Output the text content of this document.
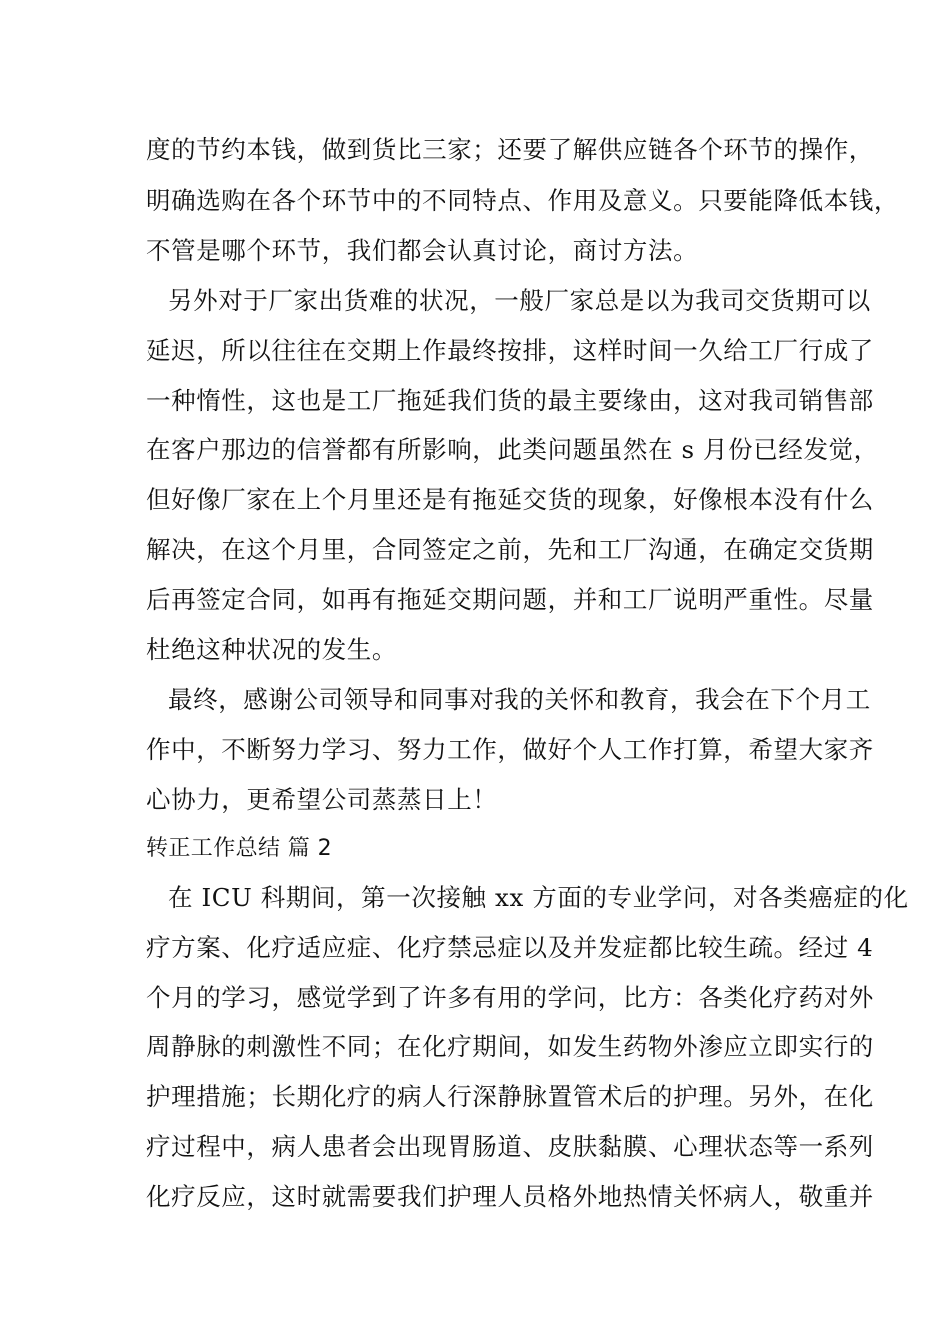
度的节约本钱，做到货比三家；还要了解供应链各个环节的操作，
明确选购在各个环节中的不同特点、作用及意义。只要能降低本钱，
不管是哪个环节，我们都会认真讨论，商讨方法。
另外对于厂家出货难的状况，一般厂家总是以为我司交货期可以
延迟，所以往往在交期上作最终按排，这样时间一久给工厂行成了
一种惰性，这也是工厂拖延我们货的最主要缘由，这对我司销售部
在客户那边的信誉都有所影响，此类问题虽然在 s 月份已经发觉，
但好像厂家在上个月里还是有拖延交货的现象，好像根本没有什么
解决，在这个月里，合同签定之前，先和工厂沟通，在确定交货期
后再签定合同，如再有拖延交期问题，并和工厂说明严重性。尽量
杜绝这种状况的发生。
最终，感谢公司领导和同事对我的关怀和教育，我会在下个月工
作中，不断努力学习、努力工作，做好个人工作打算，希望大家齐
心协力，更希望公司蒸蒸日上！
转正工作总结 篇 2
在 ICU 科期间，第一次接触 xx 方面的专业学问，对各类癌症的化
疗方案、化疗适应症、化疗禁忌症以及并发症都比较生疏。经过 4
个月的学习，感觉学到了许多有用的学问，比方：各类化疗药对外
周静脉的刺激性不同；在化疗期间，如发生药物外渗应立即实行的
护理措施；长期化疗的病人行深静脉置管术后的护理。另外，在化
疗过程中，病人患者会出现胃肠道、皮肤黏膜、心理状态等一系列
化疗反应，这时就需要我们护理人员格外地热情关怀病人，敬重并
